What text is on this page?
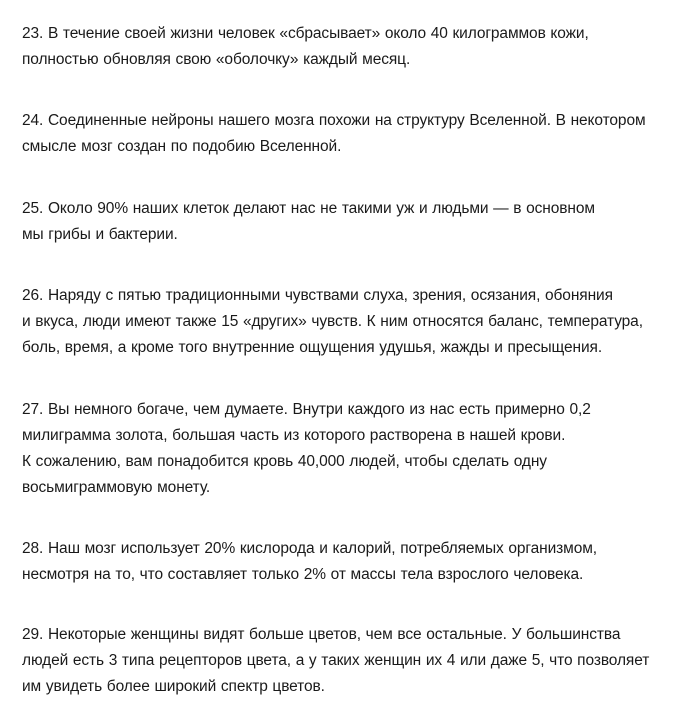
23. В течение своей жизни человек «сбрасывает» около 40 килограммов кожи,
полностью обновляя свою «оболочку» каждый месяц.
24. Соединенные нейроны нашего мозга похожи на структуру Вселенной. В некотором
смысле мозг создан по подобию Вселенной.
25. Около 90% наших клеток делают нас не такими уж и людьми — в основном
мы грибы и бактерии.
26. Наряду с пятью традиционными чувствами слуха, зрения, осязания, обоняния
и вкуса, люди имеют также 15 «других» чувств. К ним относятся баланс, температура,
боль, время, а кроме того внутренние ощущения удушья, жажды и пресыщения.
27. Вы немного богаче, чем думаете. Внутри каждого из нас есть примерно 0,2
милиграмма золота, большая часть из которого растворена в нашей крови.
К сожалению, вам понадобится кровь 40,000 людей, чтобы сделать одну
восьмиграммовую монету.
28. Наш мозг использует 20% кислорода и калорий, потребляемых организмом,
несмотря на то, что составляет только 2% от массы тела взрослого человека.
29. Некоторые женщины видят больше цветов, чем все остальные. У большинства
людей есть 3 типа рецепторов цвета, а у таких женщин их 4 или даже 5, что позволяет
им увидеть более широкий спектр цветов.
